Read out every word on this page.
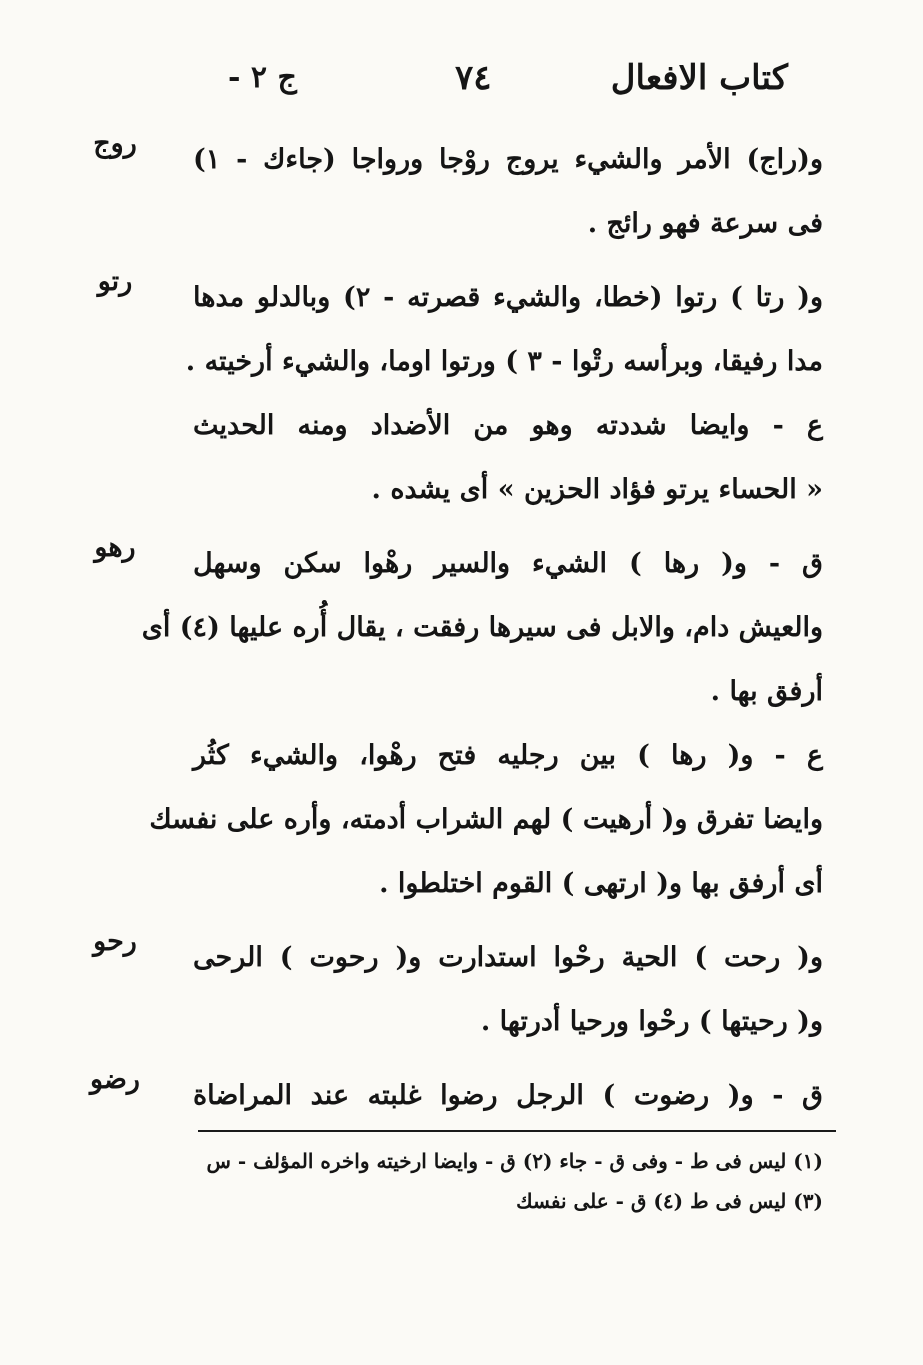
كتاب الافعال
٧٤
ج ٢ -
روج
و(راج) الأمر والشيء يروج روْجا ورواجا (جاءك - ١)
فى سرعة فهو رائج .
رتو
و( رتا ) رتوا (خطا، والشيء قصرته - ٢) وبالدلو مدها
مدا رفيقا، وبرأسه رتْوا - ٣ ) ورتوا اوما، والشيء أرخيته .
ع - وايضا شددته وهو من الأضداد ومنه الحديث
« الحساء يرتو فؤاد الحزين » أى يشده .
رهو
ق - و( رها ) الشيء والسير رهْوا سكن وسهل
والعيش دام، والابل فى سيرها رفقت ، يقال أُره عليها (٤) أى
أرفق بها .
ع - و( رها ) بين رجليه فتح رهْوا، والشيء كثُر
وايضا تفرق و( أرهيت ) لهم الشراب أدمته، وأره على نفسك
أى أرفق بها و( ارتهى ) القوم اختلطوا .
رحو
و( رحت ) الحية رحْوا استدارت و( رحوت ) الرحى
و( رحيتها ) رحْوا ورحيا أدرتها .
رضو
ق - و( رضوت ) الرجل رضوا غلبته عند المراضاة
(١) ليس فى ط - وفى ق - جاء (٢) ق - وايضا ارخيته واخره المؤلف - س
(٣) ليس فى ط (٤) ق - على نفسك
